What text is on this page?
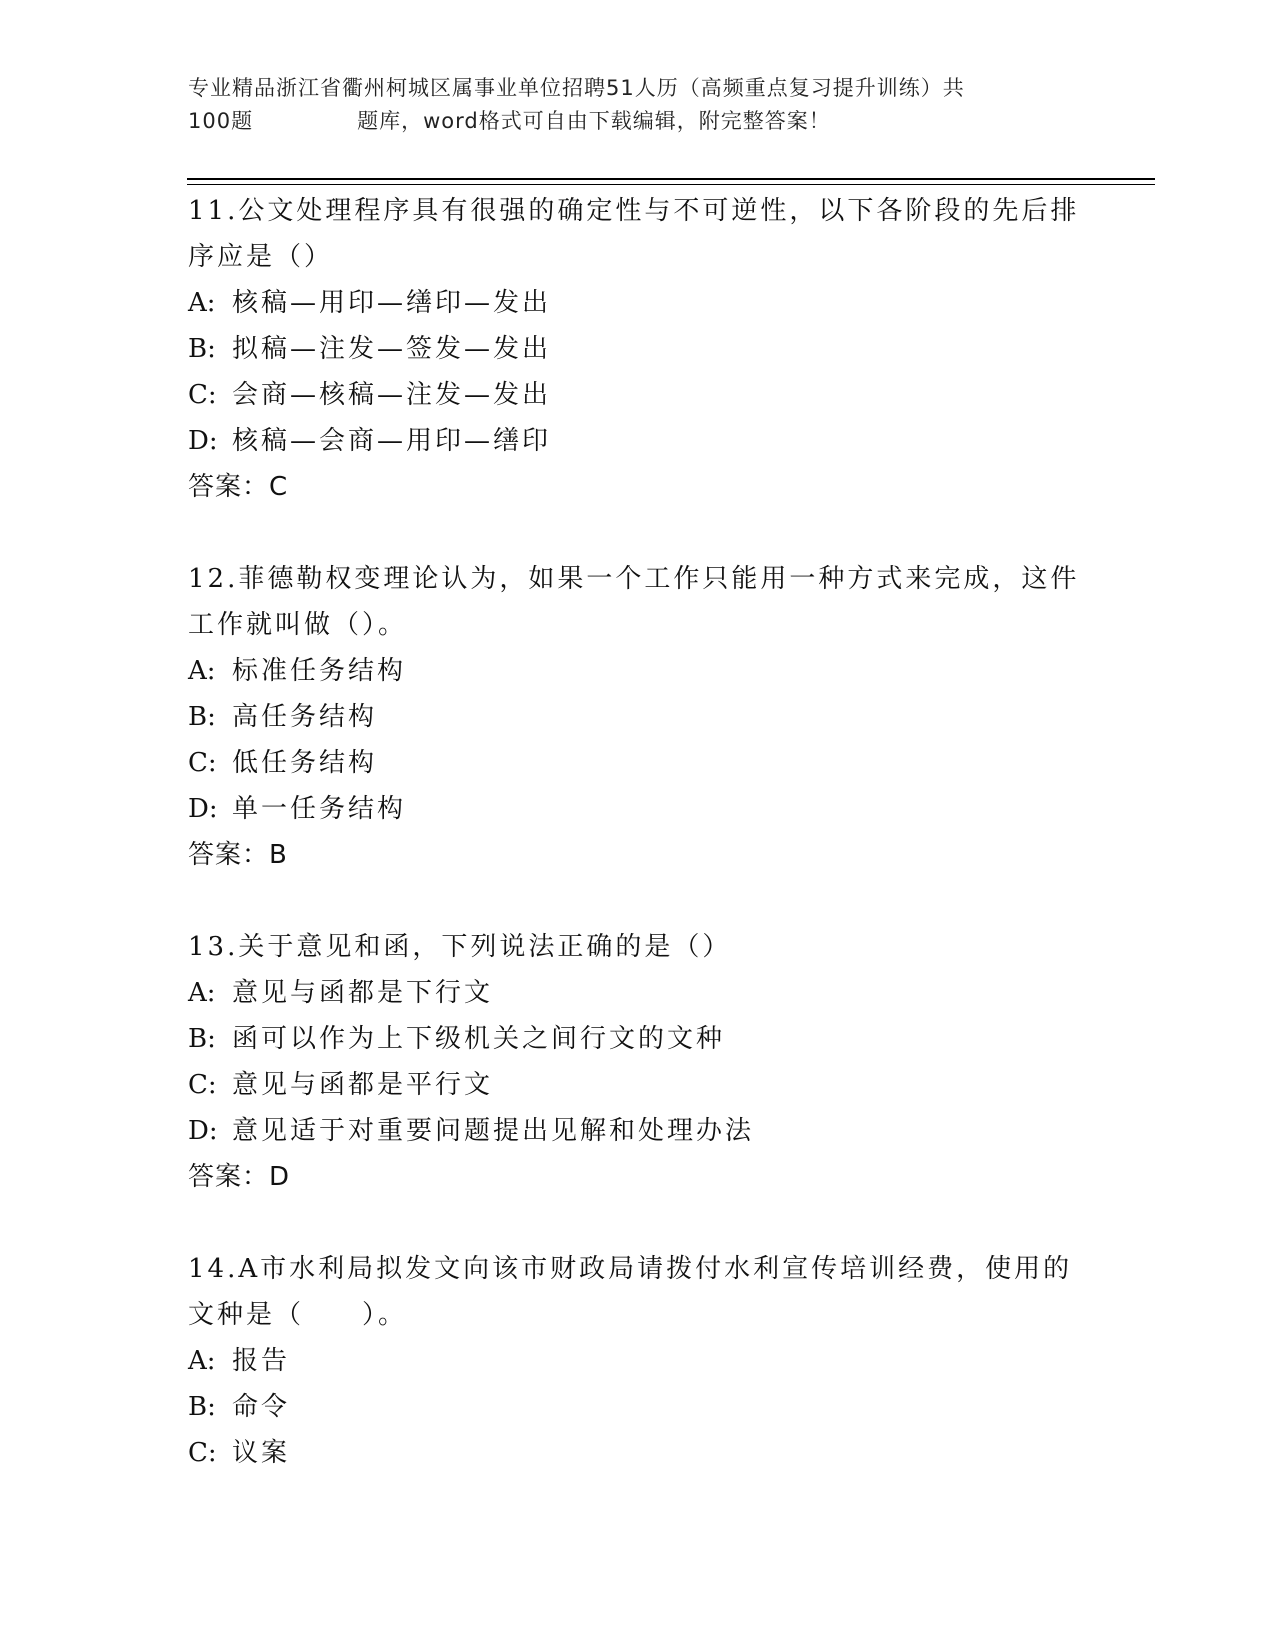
专业精品浙江省衢州柯城区属事业单位招聘51人历（高频重点复习提升训练）共
100题	题库，word格式可自由下载编辑，附完整答案！

11.公文处理程序具有很强的确定性与不可逆性，以下各阶段的先后排序应是（）

A: 核稿—用印—缮印—发出

B: 拟稿—注发—签发—发出

C: 会商—核稿—注发—发出

D: 核稿—会商—用印—缮印

答案：C

12.菲德勒权变理论认为，如果一个工作只能用一种方式来完成，这件工作就叫做（）。

A: 标准任务结构

B: 高任务结构

C: 低任务结构

D: 单一任务结构

答案：B

13.关于意见和函，下列说法正确的是（）

A: 意见与函都是下行文

B: 函可以作为上下级机关之间行文的文种

C: 意见与函都是平行文

D: 意见适于对重要问题提出见解和处理办法

答案：D

14.A市水利局拟发文向该市财政局请拨付水利宣传培训经费，使用的文种是（　　）。

A: 报告

B: 命令

C: 议案
